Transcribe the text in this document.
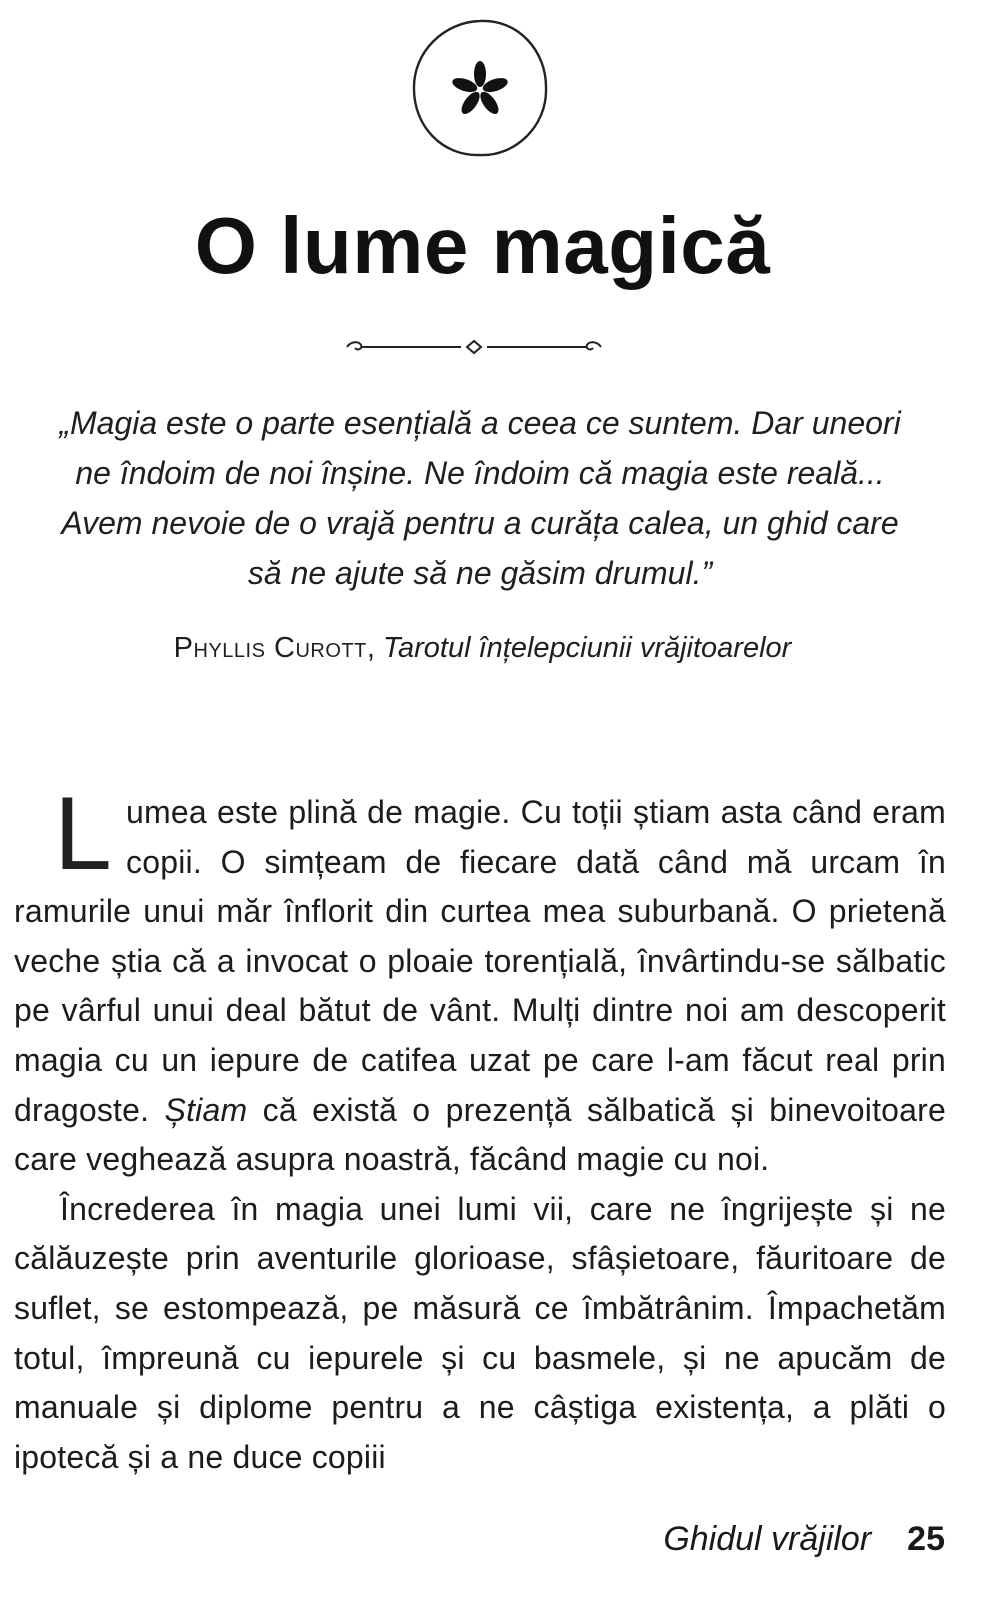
O lume magică
„Magia este o parte esențială a ceea ce suntem. Dar uneori ne îndoim de noi înșine. Ne îndoim că magia este reală... Avem nevoie de o vrajă pentru a curăța calea, un ghid care să ne ajute să ne găsim drumul.”
Phyllis Curott, Tarotul înțelepciunii vrăjitoarelor

Lumea este plină de magie. Cu toții știam asta când eram copii. O simțeam de fiecare dată când mă urcam în ramurile unui măr înflorit din curtea mea suburbană. O prietenă veche știa că a invocat o ploaie torențială, învârtindu-se sălbatic pe vârful unui deal bătut de vânt. Mulți dintre noi am descoperit magia cu un iepure de catifea uzat pe care l-am făcut real prin dragoste. Știam că există o prezență sălbatică și binevoitoare care veghează asupra noastră, făcând magie cu noi.

Încrederea în magia unei lumi vii, care ne îngrijește și ne călăuzește prin aventurile glorioase, sfâșietoare, făuritoare de suflet, se estompează, pe măsură ce îmbătrânim. Împachetăm totul, împreună cu iepurele și cu basmele, și ne apucăm de manuale și diplome pentru a ne câștiga existența, a plăti o ipotecă și a ne duce copiii

Ghidul vrăjilor 25
